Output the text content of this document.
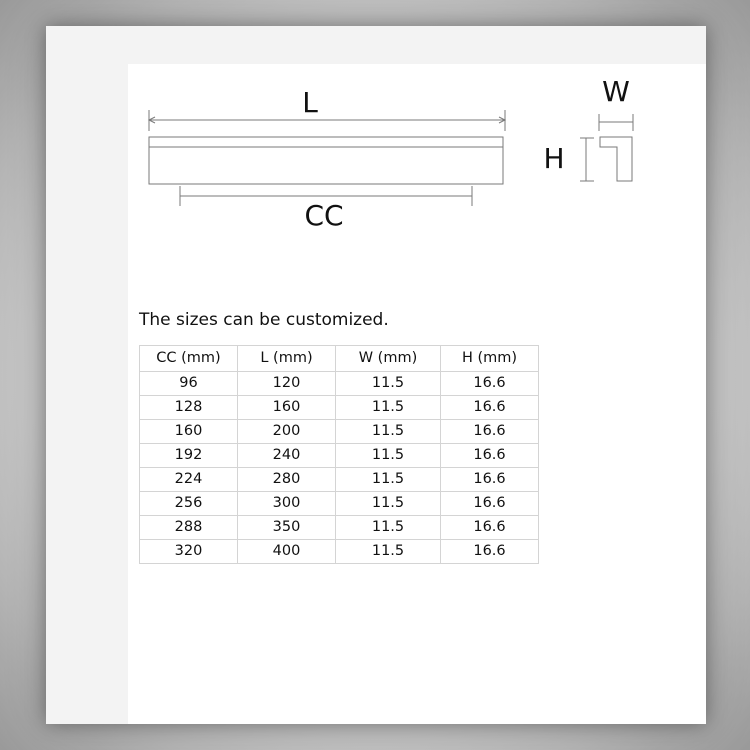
L
CC
W
H
The sizes can be customized.
CC (mm)	L (mm)	W (mm)	H (mm)
96	120	11.5	16.6
128	160	11.5	16.6
160	200	11.5	16.6
192	240	11.5	16.6
224	280	11.5	16.6
256	300	11.5	16.6
288	350	11.5	16.6
320	400	11.5	16.6
